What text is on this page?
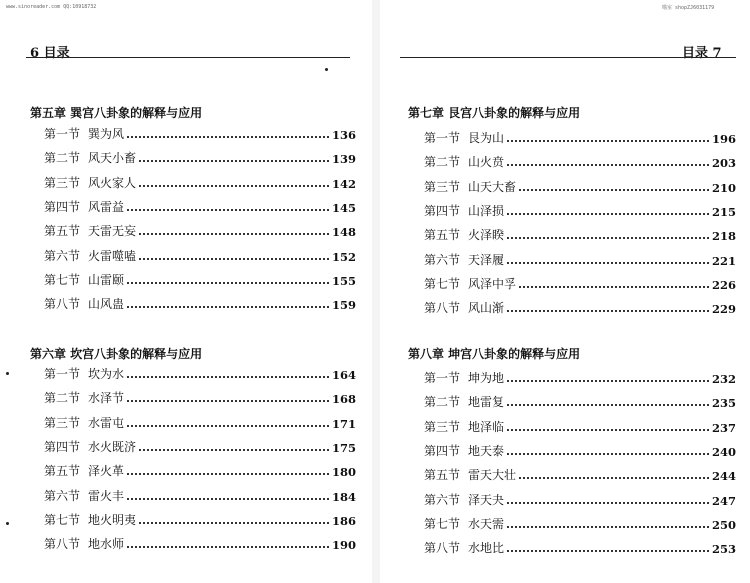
www.sinoreader.com QQ:10918732
6 目录
第五章 巽宫八卦象的解释与应用
第一节 巽为风	136
第二节 风天小畜	139
第三节 风火家人	142
第四节 风雷益	145
第五节 天雷无妄	148
第六节 火雷噬嗑	152
第七节 山雷颐	155
第八节 山风蛊	159
第六章 坎宫八卦象的解释与应用
第一节 坎为水	164
第二节 水泽节	168
第三节 水雷屯	171
第四节 水火既济	175
第五节 泽火革	180
第六节 雷火丰	184
第七节 地火明夷	186
第八节 地水师	190
喵室 shopZJ6031179
目录 7
第七章 艮宫八卦象的解释与应用
第一节 艮为山	196
第二节 山火贲	203
第三节 山天大畜	210
第四节 山泽损	215
第五节 火泽睽	218
第六节 天泽履	221
第七节 风泽中孚	226
第八节 风山渐	229
第八章 坤宫八卦象的解释与应用
第一节 坤为地	232
第二节 地雷复	235
第三节 地泽临	237
第四节 地天泰	240
第五节 雷天大壮	244
第六节 泽天夬	247
第七节 水天需	250
第八节 水地比	253
